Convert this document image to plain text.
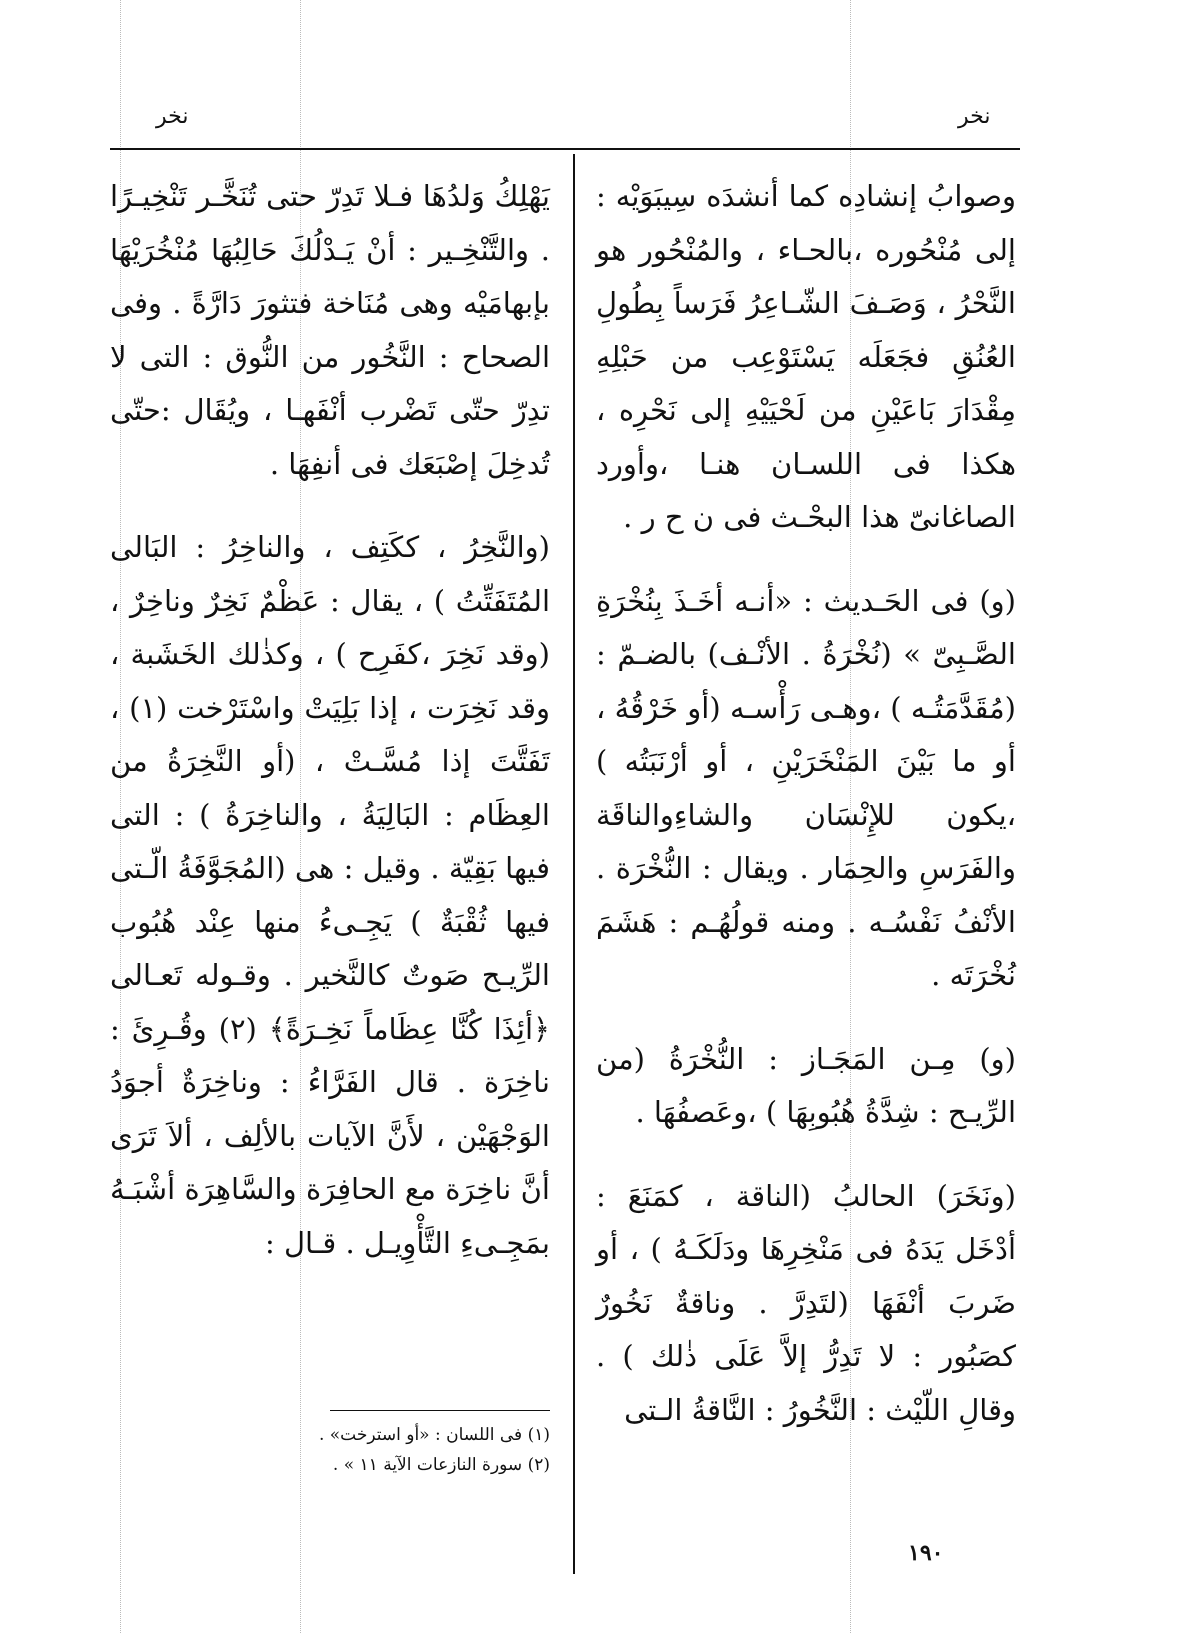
نخر
نخر

وصوابُ إنشادِه كما أنشدَه سِيبَوَيْه : إلى مُنْحُوره ،بالحـاء ، والمُنْحُور هو النَّحْرُ ، وَصَـفَ الشّـاعِرُ فَرَساً بِطُولِ العُنُقِ فجَعَلَه يَسْتَوْعِب من حَبْلِهِ مِقْدَارَ بَاعَيْنِ من لَحْيَيْهِ إلى نَحْرِه ، هكذا فى اللسـان هنـا ،وأورد الصاغانىّ هذا البحْـث فى ن ح ر .

(و) فى الحَـديث : «أنـه أخَـذَ بِنُخْرَةِ الصَّـبِىّ » (نُخْرَةُ . الأنْـف) بالضـمّ : (مُقَدَّمَتُـه ) ،وهـى رَأْسـه (أو خَرْقُهُ ، أو ما بَيْنَ المَنْخَرَيْنِ ، أو أرْنَبَتُه ) ،يكون للإِنْسَان والشاءِوالناقَة والفَرَسِ والحِمَار . ويقال : النُّخْرَة . الأنْفُ نَفْسُـه . ومنه قولُهُـم : هَشَمَ نُخْرَتَه .

(و) مِـن المَجَـاز : النُّخْرَةُ (من الرِّيـح : شِدَّةُ هُبُوبِهَا ) ،وعَصفُهَا .

(ونَخَرَ) الحالبُ (الناقة ، كمَنَعَ : أدْخَل يَدَهُ فى مَنْخِرِهَا ودَلَكَـهُ ) ، أو ضَربَ أنْفَهَا (لتَدِرَّ . وناقةٌ نَخُورٌ كصَبُور : لا تَدِرُّ إلاَّ عَلَى ذٰلك ) . وقالِ اللّيْث : النَّخُورُ : النَّاقةُ الـتى

يَهْلِكُ وَلدُهَا فـلا تَدِرّ حتى تُنَخَّـر تَنْخِيـرًا . والتَّنْخِـير : أنْ يَـدْلُكَ حَالِبُهَا مُنْخُرَيْهَا بإبهامَيْه وهى مُنَاخة فتثورَ دَارَّةً . وفى الصحاح : النَّخُور من النُّوق : التى لا تدِرّ حتّى تَضْرب أنْفَهـا ، ويُقَال :حتّى تُدخِلَ إصْبَعَك فى أنفِهَا .

(والنَّخِرُ ، ككَتِف ، والناخِرُ : البَالى المُتَفَتِّتُ ) ، يقال : عَظْمٌ نَخِرٌ وناخِرٌ ، (وقد نَخِرَ ،كفَرِح ) ، وكذٰلك الخَشَبة ، وقد نَخِرَت ، إذا بَلِيَتْ واسْتَرْخت (١) ، تَفَتَّتَ إذا مُسَّـتْ ، (أو النَّخِرَةُ من العِظَام : البَالِيَةُ ، والناخِرَةُ ) : التى فيها بَقِيّة . وقيل : هى (المُجَوَّفَةُ الّـتى فيها ثُقْبَةٌ ) يَجِـىءُ منها عِنْد هُبُوب الرِّيـح صَوتٌ كالنَّخير . وقـوله تَعـالى ﴿أئِذَا كُنَّا عِظَاماً نَخِـرَةً﴾ (٢) وقُـرِئَ : ناخِرَة . قال الفَرَّاءُ : وناخِرَةٌ أجوَدُ الوَجْهَيْن ، لأَنَّ الآيات بالألِف ، ألاَ تَرَى أنَّ ناخِرَة مع الحافِرَة والسَّاهِرَة أشْبَـهُ بمَجِـىءِ التَّأْوِيـل . قـال :

(١) فى اللسان : «أو استرخت» .

(٢) سورة النازعات الآية ١١ » .

١٩٠
